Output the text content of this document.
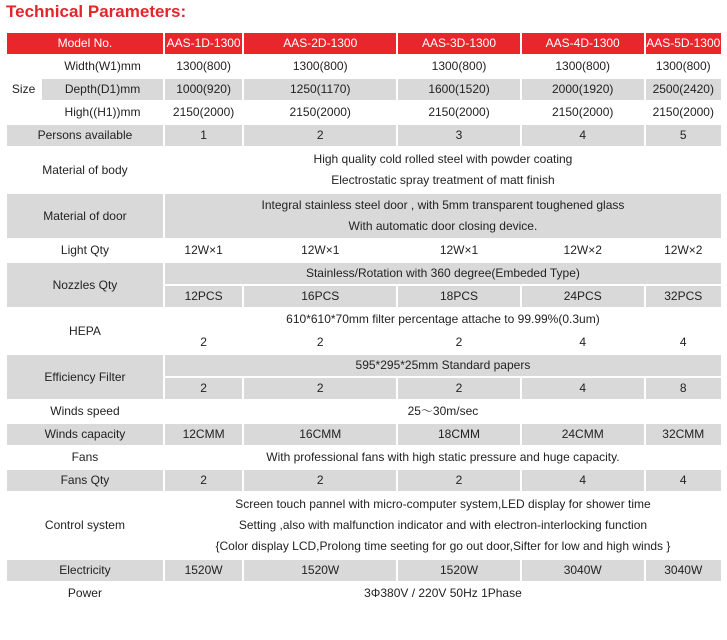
Technical Parameters:
Model No.		AAS-1D-1300	AAS-2D-1300	AAS-3D-1300	AAS-4D-1300	AAS-5D-1300
Size	Width(W1)mm	1300(800)	1300(800)	1300(800)	1300(800)	1300(800)
	Depth(D1)mm	1000(920)	1250(1170)	1600(1520)	2000(1920)	2500(2420)
	High((H1))mm	2150(2000)	2150(2000)	2150(2000)	2150(2000)	2150(2000)
Persons available		1	2	3	4	5
Material of body		High quality cold rolled steel with powder coating
Electrostatic spray treatment of matt finish				

Material of door		Integral stainless steel door , with 5mm transparent toughened glass
With automatic door closing device.				

Light Qty		12W×1	12W×1	12W×1	12W×2	12W×2
Nozzles Qty		Stainless/Rotation with 360 degree(Embeded Type)				
		12PCS	16PCS	18PCS	24PCS	32PCS
HEPA		610*610*70mm filter percentage attache to 99.99%(0.3um)				
		2	2	2	4	4
Efficiency Filter		595*295*25mm Standard papers				
		2	2	2	4	8
Winds speed		25～30m/sec				
Winds capacity		12CMM	16CMM	18CMM	24CMM	32CMM
Fans		With professional fans with high static pressure and huge capacity.				
Fans Qty		2	2	2	4	4
Control system		Screen touch pannel with micro-computer system,LED display for shower time
Setting ,also with malfunction indicator and with electron-interlocking function
{Color display LCD,Prolong time seeting for go out door,Sifter for low and high winds }				

Electricity		1520W	1520W	1520W	3040W	3040W
Power		3Φ380V / 220V 50Hz 1Phase				
